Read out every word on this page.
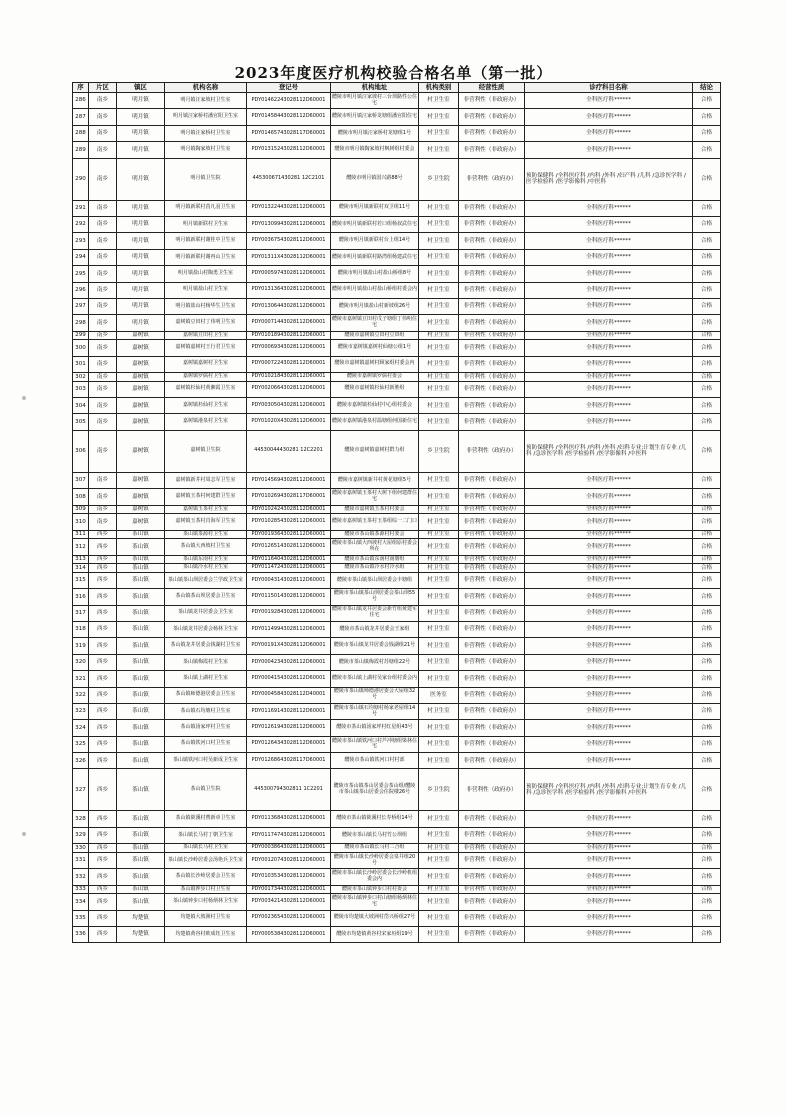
2023年度医疗机构校验合格名单（第一批）
序	片区	镇区	机构名称	登记号	机构地址	机构类别	经营性质	诊疗科目名称	结论
286	南乡	明月镇	明月镇汪家坡村卫生室	PDY01462243028112D60001	醴陵市明月镇汪家坡村三台坝路性公住宅	村卫生室	非营利性（非政府办）	全科医疗科******	合格
287	南乡	明月镇	明月镇汪家桥村潘官阳卫生室	PDY01458443028112D60001	醴陵市明月镇汪家桥龙塘组潘官阳住宅	村卫生室	非营利性（非政府办）	全科医疗科******	合格
288	南乡	明月镇	明月镇汪家桥村卫生室	PDY01465743028117D60001	醴陵市明月镇汪家桥村龙塘组1号	村卫生室	非营利性（非政府办）	全科医疗科******	合格
289	南乡	明月镇	明月镇陶家坡村卫生室	PDY01315243028112D60001	醴陵市明月镇陶家坡村枫树组村委会	村卫生室	非营利性（非政府办）	全科医疗科******	合格
290	南乡	明月镇	明月镇卫生院	445300671430281 12C2101	醴陵市明月镇国兴路88号	乡卫生院	非营利性（政府办）	预防保健科 /全科医疗科 /内科 /外科 /妇产科 /儿科 /急诊医学科 /医学检验科 /医学影像科 /中医科	合格
291	南乡	明月镇	明月镇新联村菖凡羽卫生室	PDY01322443028112D60001	醴陵市明月镇新联村双卫组11号	村卫生室	非营利性（非政府办）	全科医疗科******	合格
292	南乡	明月镇	明月镇新联村卫生室	PDY01309943028112D60001	醴陵市明月镇新联村若口组杨叔武住宅	村卫生室	非营利性（非政府办）	全科医疗科******	合格
293	南乡	明月镇	明月镇新联村谢桂中卫生室	PDY00367543028112D60001	醴陵市明月镇新联村台上组14号	村卫生室	非营利性（非政府办）	全科医疗科******	合格
294	南乡	明月镇	明月镇新联村谢再山卫生室	PDY01311X43028112D60001	醴陵市明月镇新联村路湾组杨建武住宅	村卫生室	非营利性（非政府办）	全科医疗科******	合格
295	南乡	明月镇	明月镇盐山村陶勇卫生室	PDY00059743028112D60001	醴陵市明月镇盐山村盐山桥组8号	村卫生室	非营利性（非政府办）	全科医疗科******	合格
296	南乡	明月镇	明月镇盐山村卫生室	PDY01313643028112D60001	醴陵市明月镇盐山村盐山桥组村委会内	村卫生室	非营利性（非政府办）	全科医疗科******	合格
297	南乡	明月镇	明月镇盐山村杨华生卫生室	PDY01306443028112D60001	醴陵市明月镇盐山村新坡组26号	村卫生室	非营利性（非政府办）	全科医疗科******	合格
298	南乡	明月镇	嘉树镇豆田村丁伟明卫生室	PDY00071443028112D60001	醴陵市嘉树镇豆田村戊子塘组丁伟明住宅	村卫生室	非营利性（非政府办）	全科医疗科******	合格
299	南乡	嘉树镇	嘉树镇豆田村卫生室	PDY01018943028112D60001	醴陵市嘉树镇豆田村豆田组	村卫生室	非营利性（非政府办）	全科医疗科******	合格
300	南乡	嘉树镇	嘉树镇嘉树村王行君卫生室	PDY00069343028112D60001	醴陵市嘉树镇嘉树村仙塘公组1号	村卫生室	非营利性（非政府办）	全科医疗科******	合格
301	南乡	嘉树镇	嘉树镇嘉树村卫生室	PDY00072243028112D60001	醴陵市嘉树镇嘉树村顾家组村委会内	村卫生室	非营利性（非政府办）	全科医疗科******	合格
302	南乡	嘉树镇	嘉树镇罗儒村卫生室	PDY01021843028112D60001	醴陵市嘉树镇罗儒村委会	村卫生室	非营利性（非政府办）	全科医疗科******	合格
303	南乡	嘉树镇	嘉树镇杉仙村黄湘霞卫生室	PDY00206643028112D60001	醴陵市嘉树镇杉仙村新胜组	村卫生室	非营利性（非政府办）	全科医疗科******	合格
304	南乡	嘉树镇	嘉树镇杉仙村卫生室	PDY00305043028112D60001	醴陵市嘉树镇杉仙村中心组村委会	村卫生室	非营利性（非政府办）	全科医疗科******	合格
305	南乡	嘉树镇	嘉树镇港泉村卫生室	PDY01020X43028112D60001	醴陵市嘉树镇港泉村温塘组何国新住宅	村卫生室	非营利性（非政府办）	全科医疗科******	合格
306	南乡	嘉树镇	嘉树镇卫生院	44530044430281 12C2201	醴陵市嘉树镇嘉树村群力组	乡卫生院	非营利性（政府办）	预防保健科 /全科医疗科 /内科 /外科 /妇科专业;计划生育专业 /儿科 /急诊医学科 /医学检验科 /医学影像科 /中医科	合格
307	南乡	嘉树镇	嘉树镇新井村周志军卫生室	PDY01456943028112D60001	醴陵市嘉树镇新井村黄花塘组5号	村卫生室	非营利性（非政府办）	全科医疗科******	合格
308	南乡	嘉树镇	嘉树镇玉茶村何建群卫生室	PDY01026943028117D60001	醴陵市嘉树镇玉茶村大树下组何建群住宅	村卫生室	非营利性（非政府办）	全科医疗科******	合格
309	南乡	嘉树镇	嘉树镇玉茶村卫生室	PDY01024243028112D60001	醴陵市嘉树镇玉茶村村委会	村卫生室	非营利性（非政府办）	全科医疗科******	合格
310	南乡	嘉树镇	嘉树镇玉茶村肖海军卫生室	PDY01028543028112D60001	醴陵市嘉树镇玉茶村玉茶组综一二门口	村卫生室	非营利性（非政府办）	全科医疗科******	合格
311	西乡	茶山镇	茶山镇茶源村卫生室	PDY00193643028112D60001	醴陵市茶山镇茶源村村委会	村卫生室	非营利性（非政府办）	全科医疗科******	合格
312	西乡	茶山镇	茶山镇大西坡村卫生室	PDY01265143028112D60001	醴陵市茶山镇大西坡村大屋组原村委会所在	村卫生室	非营利性（非政府办）	全科医疗科******	合格
313	西乡	茶山镇	茶山镇东南村卫生室	PDY01164043028112D60001	醴陵市茶山镇东南村南塘组	村卫生室	非营利性（非政府办）	全科医疗科******	合格
314	西乡	茶山镇	茶山镇冷水村卫生室	PDY01147243028112D60001	醴陵市茶山镇冷水村冷水组	村卫生室	非营利性（非政府办）	全科医疗科******	合格
315	西乡	茶山镇	茶山镇茶山坝居委会兰学政卫生室	PDY00043143028112D60001	醴陵市茶山镇茶山坝居委会丰塘组	村卫生室	非营利性（非政府办）	全科医疗科******	合格
316	西乡	茶山镇	茶山镇茶山坝居委会卫生室	PDY01150143028112D60001	醴陵市茶山镇茶山坝居委会茶山坝55号	村卫生室	非营利性（非政府办）	全科医疗科******	合格
317	西乡	茶山镇	茶山镇龙井居委会卫生室	PDY00192843028112D60001	醴陵市茶山镇龙井居委会新竹组黄建军住宅	村卫生室	非营利性（非政府办）	全科医疗科******	合格
318	西乡	茶山镇	茶山镇龙井居委会杨林卫生室	PDY01149943028112D60001	醴陵市茶山镇龙井居委会王家组	村卫生室	非营利性（非政府办）	全科医疗科******	合格
319	西乡	茶山镇	茶山镇龙井居委会钱湖村卫生室	PDY00191X43028112D60001	醴陵市茶山镇龙井居委会钱湖组21号	村卫生室	非营利性（非政府办）	全科医疗科******	合格
320	西乡	茶山镇	茶山镇梅霞村卫生室	PDY00042343028112D60001	醴陵市茶山镇梅霞村苏塘组22号	村卫生室	非营利性（非政府办）	全科医疗科******	合格
321	西乡	茶山镇	茶山镇上湖村卫生室	PDY00041543028112D60001	醴陵市茶山镇上湖村吴家台组村委会内	村卫生室	非营利性（非政府办）	全科医疗科******	合格
322	西乡	茶山镇	茶山镇师德港居委会卫生室	PDY00045843028112D40001	醴陵市茶山镇师德港居委会大屋组32号	医务室	非营利性（非政府办）	全科医疗科******	合格
323	西乡	茶山镇	茶山镇石均塘村卫生室	PDY01169143028112D60001	醴陵市茶山镇石均塘村杨家老屋组14号	村卫生室	非营利性（非政府办）	全科医疗科******	合格
324	西乡	茶山镇	茶山镇汤家坪村卫生室	PDY01261943028112D60001	醴陵市茶山镇汤家坪村红星组43号	村卫生室	非营利性（非政府办）	全科医疗科******	合格
325	西乡	茶山镇	茶山镇铁河口村卫生室	PDY01264343028112D60001	醴陵市茶山镇铁河口村芦冲塘组梁林住宅	村卫生室	非营利性（非政府办）	全科医疗科******	合格
326	西乡	茶山镇	茶山镇铁河口村吴新成卫生室	PDY01268643028117D60001	醴陵市茶山镇铁河口村村部	村卫生室	非营利性（非政府办）	全科医疗科******	合格
327	西乡	茶山镇	茶山镇卫生院	445300794302811 1C2201	醴陵市茶山镇茶山居委会茶山组/醴陵市茶山镇茶山居委会住院楼26号	乡卫生院	非营利性（政府办）	预防保健科 /全科医疗科 /内科 /外科 /妇科专业;计划生育专业 /儿科 /急诊医学科 /医学检验科 /医学影像科 /中医科	合格
328	西乡	茶山镇	茶山镇筱溪村曹新章卫生室	PDY01136843028112D60001	醴陵市茶山镇筱溪村长寿桥组14号	村卫生室	非营利性（非政府办）	全科医疗科******	合格
329	西乡	茶山镇	茶山镇长马村丁朝卫生室	PDY01174743028112D60001	醴陵市茶山镇长马村竹公坝组	村卫生室	非营利性（非政府办）	全科医疗科******	合格
330	西乡	茶山镇	茶山镇长马村卫生室	PDY00038643028112D60001	醴陵市茶山镇长马村二合组	村卫生室	非营利性（非政府办）	全科医疗科******	合格
331	西乡	茶山镇	茶山镇长沙岭居委会汤艳兵卫生室	PDY00120743028112D60001	醴陵市茶山镇长沙岭居委会泉井组20号	村卫生室	非营利性（非政府办）	全科医疗科******	合格
332	西乡	茶山镇	茶山镇长沙岭居委会卫生室	PDY01035343028112D60001	醴陵市茶山镇长沙岭居委会长沙岭机组委会内	村卫生室	非营利性（非政府办）	全科医疗科******	合格
333	西乡	茶山镇	茶山镇钟步口村卫生室	PDY00173443028112D60001	醴陵市茶山镇钟步口村村委会	村卫生室	非营利性（非政府办）	全科医疗科******	合格
334	西乡	茶山镇	茶山镇钟步口村杨炳林卫生室	PDY00342143028112D60001	醴陵市茶山镇钟步口村山塘组杨炳林住宅	村卫生室	非营利性（非政府办）	全科医疗科******	合格
335	西乡	均楚镇	均楚镇大坡洲村卫生室	PDY00236543028112D60001	醴陵市均楚镇大坡洲村岱兴桥组27号	村卫生室	非营利性（非政府办）	全科医疗科******	合格
336	西乡	均楚镇	均楚镇黄谷村欧成钰卫生室	PDY00053843028112D60001	醴陵市均楚镇黄谷村宋家垣组19号	村卫生室	非营利性（非政府办）	全科医疗科******	合格
